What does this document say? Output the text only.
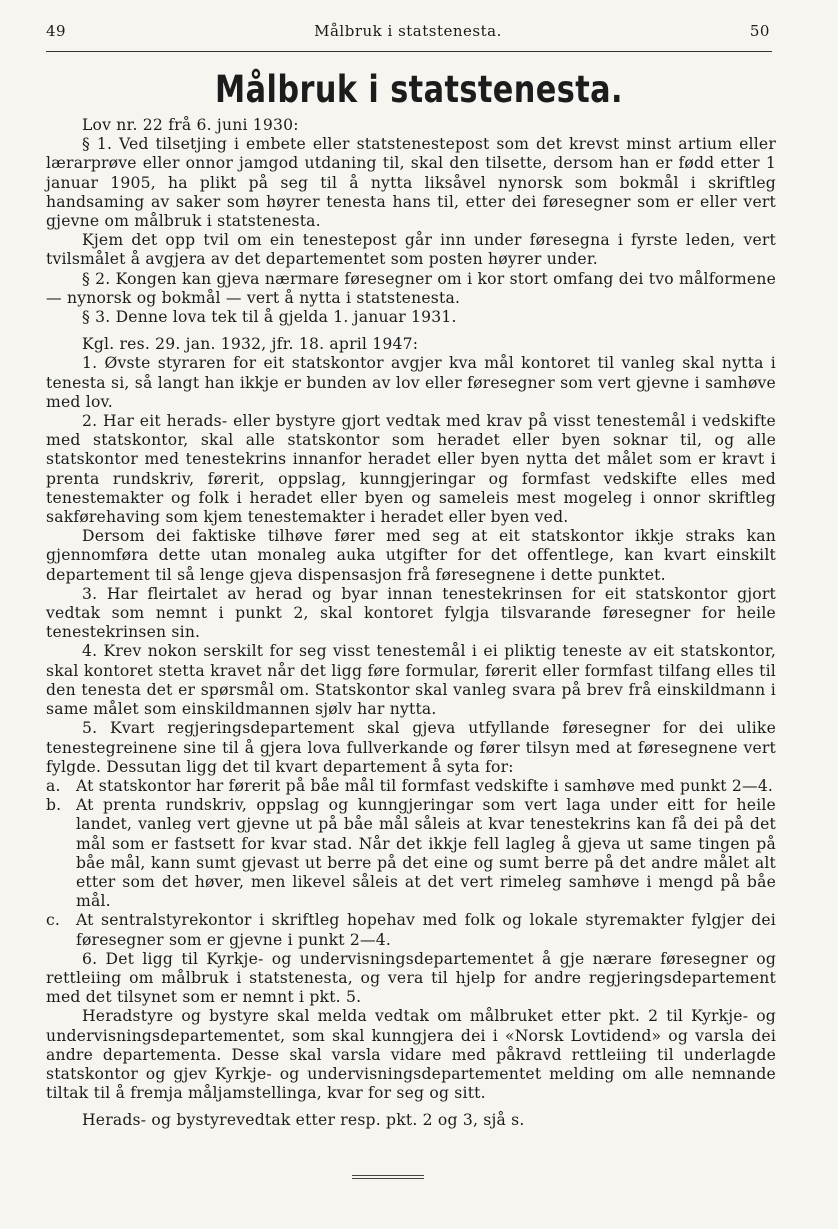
49	Målbruk i statstenesta.	50
Målbruk i statstenesta.

Lov nr. 22 frå 6. juni 1930:

§ 1. Ved tilsetjing i embete eller statstenestepost som det krevst minst artium eller lærarprøve eller onnor jamgod utdaning til, skal den tilsette, dersom han er fødd etter 1 januar 1905, ha plikt på seg til å nytta liksåvel nynorsk som bokmål i skriftleg handsaming av saker som høyrer tenesta hans til, etter dei føresegner som er eller vert gjevne om målbruk i statstenesta.

Kjem det opp tvil om ein tenestepost går inn under føresegna i fyrste leden, vert tvilsmålet å avgjera av det departementet som posten høyrer under.

§ 2. Kongen kan gjeva nærmare føresegner om i kor stort omfang dei tvo målformene — nynorsk og bokmål — vert å nytta i statstenesta.

§ 3. Denne lova tek til å gjelda 1. januar 1931.

Kgl. res. 29. jan. 1932, jfr. 18. april 1947:

1. Øvste styraren for eit statskontor avgjer kva mål kontoret til vanleg skal nytta i tenesta si, så langt han ikkje er bunden av lov eller føresegner som vert gjevne i samhøve med lov.

2. Har eit herads- eller bystyre gjort vedtak med krav på visst tenestemål i vedskifte med statskontor, skal alle statskontor som heradet eller byen soknar til, og alle statskontor med tenestekrins innanfor heradet eller byen nytta det målet som er kravt i prenta rundskriv, førerit, oppslag, kunngjeringar og formfast vedskifte elles med tenestemakter og folk i heradet eller byen og sameleis mest mogeleg i onnor skriftleg sakførehaving som kjem tenestemakter i heradet eller byen ved.

Dersom dei faktiske tilhøve fører med seg at eit statskontor ikkje straks kan gjennomføra dette utan monaleg auka utgifter for det offentlege, kan kvart einskilt departement til så lenge gjeva dispensasjon frå føresegnene i dette punktet.

3. Har fleirtalet av herad og byar innan tenestekrinsen for eit statskontor gjort vedtak som nemnt i punkt 2, skal kontoret fylgja tilsvarande føresegner for heile tenestekrinsen sin.

4. Krev nokon serskilt for seg visst tenestemål i ei pliktig teneste av eit statskontor, skal kontoret stetta kravet når det ligg føre formular, førerit eller formfast tilfang elles til den tenesta det er spørsmål om. Statskontor skal vanleg svara på brev frå einskildmann i same målet som einskildmannen sjølv har nytta.

5. Kvart regjeringsdepartement skal gjeva utfyllande føresegner for dei ulike tenestegreinene sine til å gjera lova fullverkande og fører tilsyn med at føresegnene vert fylgde. Dessutan ligg det til kvart departement å syta for:

a. At statskontor har førerit på båe mål til formfast vedskifte i samhøve med punkt 2—4.
b. At prenta rundskriv, oppslag og kunngjeringar som vert laga under eitt for heile landet, vanleg vert gjevne ut på båe mål såleis at kvar tenestekrins kan få dei på det mål som er fastsett for kvar stad. Når det ikkje fell lagleg å gjeva ut same tingen på båe mål, kann sumt gjevast ut berre på det eine og sumt berre på det andre målet alt etter som det høver, men likevel såleis at det vert rimeleg samhøve i mengd på båe mål.
c.	At sentralstyrekontor i skriftleg hopehav med folk og lokale styremakter fylgjer dei føresegner som er gjevne i punkt 2—4.

6. Det ligg til Kyrkje- og undervisningsdepartementet å gje nærare føresegner og rettleiing om målbruk i statstenesta, og vera til hjelp for andre regjeringsdepartement med det tilsynet som er nemnt i pkt. 5.

Heradstyre og bystyre skal melda vedtak om målbruket etter pkt. 2 til Kyrkje- og undervisningsdepartementet, som skal kunngjera dei i «Norsk Lovtidend» og varsla dei andre departementa. Desse skal varsla vidare med påkravd rettleiing til underlagde statskontor og gjev Kyrkje- og undervisningsdepartementet melding om alle nemnande tiltak til å fremja måljamstellinga, kvar for seg og sitt.

Herads- og bystyrevedtak etter resp. pkt. 2 og 3, sjå s.
